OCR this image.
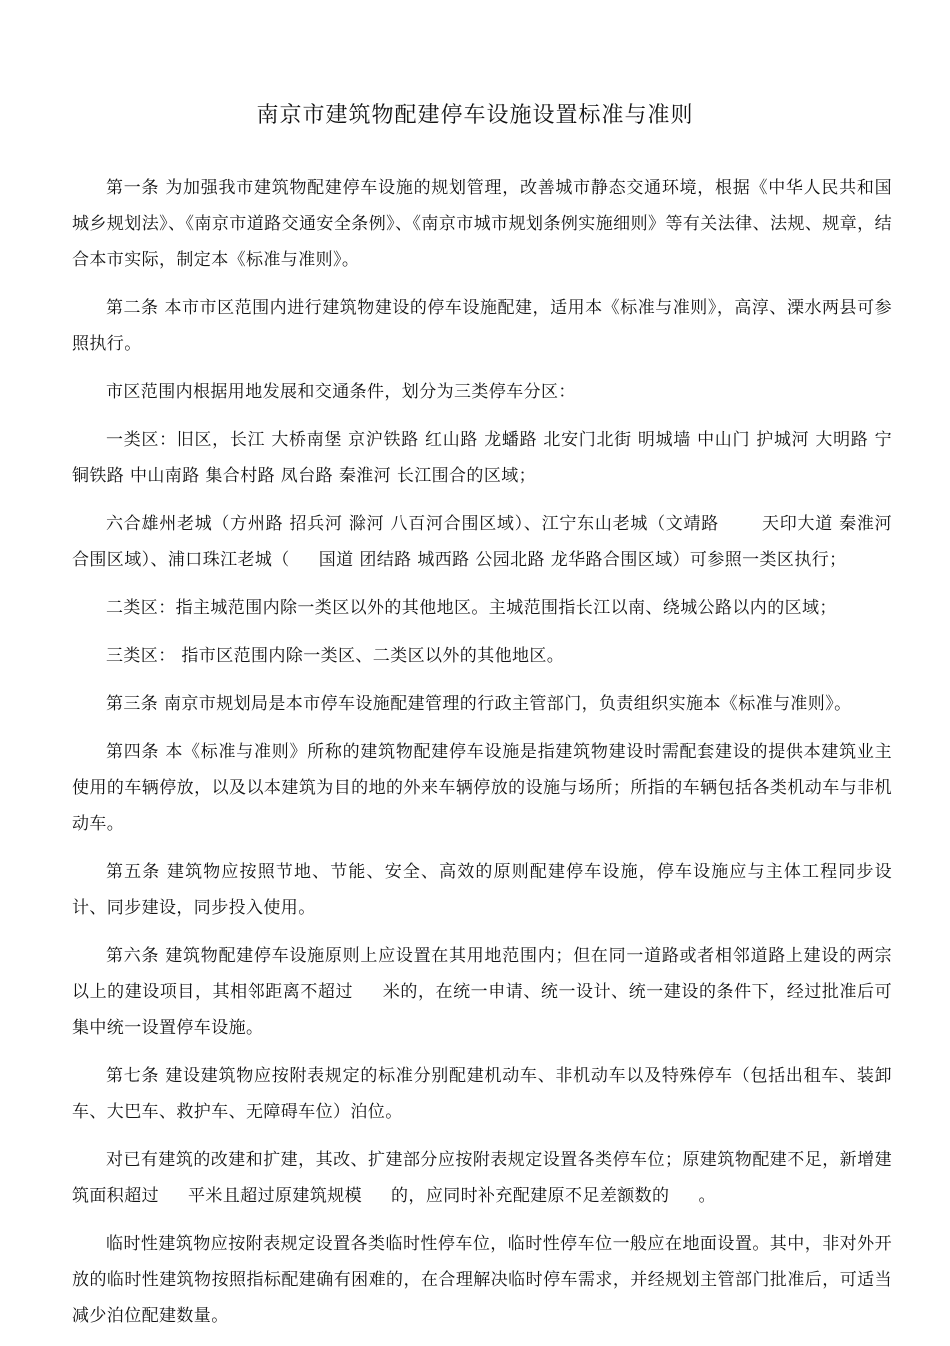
南京市建筑物配建停车设施设置标准与准则

第一条 为加强我市建筑物配建停车设施的规划管理，改善城市静态交通环境，根据《中华人民共和国城乡规划法》、《南京市道路交通安全条例》、《南京市城市规划条例实施细则》等有关法律、法规、规章，结合本市实际，制定本《标准与准则》。

第二条 本市市区范围内进行建筑物建设的停车设施配建，适用本《标准与准则》，高淳、溧水两县可参照执行。

市区范围内根据用地发展和交通条件，划分为三类停车分区：

一类区：旧区，长江 大桥南堡 京沪铁路 红山路 龙蟠路 北安门北街 明城墙 中山门 护城河 大明路 宁铜铁路 中山南路 集合村路 凤台路 秦淮河 长江围合的区域；

六合雄州老城（方州路 招兵河 滁河 八百河合围区域）、江宁东山老城（文靖路       天印大道 秦淮河合围区域）、浦口珠江老城（     国道 团结路 城西路 公园北路 龙华路合围区域）可参照一类区执行；

二类区：指主城范围内除一类区以外的其他地区。主城范围指长江以南、绕城公路以内的区域；

三类区： 指市区范围内除一类区、二类区以外的其他地区。

第三条 南京市规划局是本市停车设施配建管理的行政主管部门，负责组织实施本《标准与准则》。

第四条 本《标准与准则》所称的建筑物配建停车设施是指建筑物建设时需配套建设的提供本建筑业主使用的车辆停放，以及以本建筑为目的地的外来车辆停放的设施与场所；所指的车辆包括各类机动车与非机动车。

第五条 建筑物应按照节地、节能、安全、高效的原则配建停车设施，停车设施应与主体工程同步设计、同步建设，同步投入使用。

第六条 建筑物配建停车设施原则上应设置在其用地范围内；但在同一道路或者相邻道路上建设的两宗以上的建设项目，其相邻距离不超过     米的，在统一申请、统一设计、统一建设的条件下，经过批准后可集中统一设置停车设施。

第七条 建设建筑物应按附表规定的标准分别配建机动车、非机动车以及特殊停车（包括出租车、装卸车、大巴车、救护车、无障碍车位）泊位。

对已有建筑的改建和扩建，其改、扩建部分应按附表规定设置各类停车位；原建筑物配建不足，新增建筑面积超过     平米且超过原建筑规模     的，应同时补充配建原不足差额数的     。

临时性建筑物应按附表规定设置各类临时性停车位，临时性停车位一般应在地面设置。其中，非对外开放的临时性建筑物按照指标配建确有困难的，在合理解决临时停车需求，并经规划主管部门批准后，可适当减少泊位配建数量。
